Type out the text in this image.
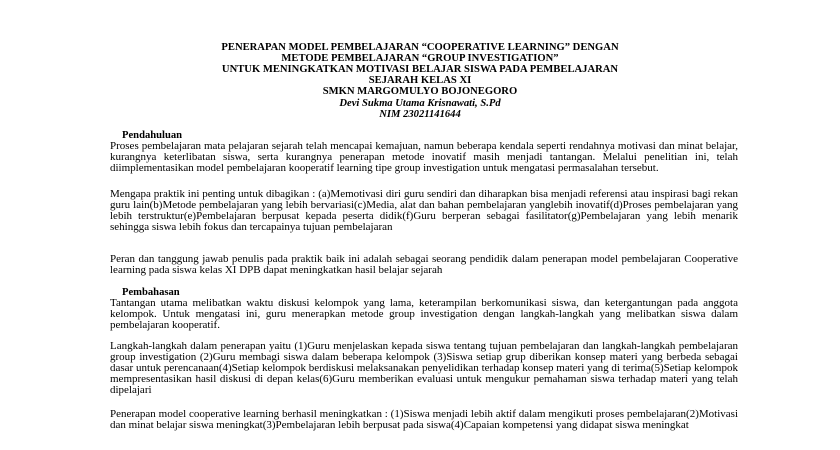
PENERAPAN MODEL PEMBELAJARAN “COOPERATIVE LEARNING” DENGAN
METODE PEMBELAJARAN “GROUP INVESTIGATION”
UNTUK MENINGKATKAN MOTIVASI BELAJAR SISWA PADA PEMBELAJARAN
SEJARAH KELAS XI
SMKN MARGOMULYO BOJONEGORO
Devi Sukma Utama Krisnawati, S.Pd
NIM 23021141644
Pendahuluan
Proses pembelajaran mata pelajaran sejarah telah mencapai kemajuan, namun beberapa kendala seperti rendahnya motivasi dan minat belajar, kurangnya keterlibatan siswa, serta kurangnya penerapan metode inovatif masih menjadi tantangan. Melalui penelitian ini, telah diimplementasikan model pembelajaran kooperatif learning tipe group investigation untuk mengatasi permasalahan tersebut.
Mengapa praktik ini penting untuk dibagikan : (a)Memotivasi diri guru sendiri dan diharapkan bisa menjadi referensi atau inspirasi bagi rekan guru lain(b)Metode pembelajaran yang lebih bervariasi(c)Media, alat dan bahan pembelajaran yanglebih inovatif(d)Proses pembelajaran yang lebih terstruktur(e)Pembelajaran berpusat kepada peserta didik(f)Guru berperan sebagai fasilitator(g)Pembelajaran yang lebih menarik sehingga siswa lebih fokus dan tercapainya tujuan pembelajaran
Peran dan tanggung jawab penulis pada praktik baik ini adalah sebagai seorang pendidik dalam penerapan model pembelajaran Cooperative learning pada siswa kelas XI DPB dapat meningkatkan hasil belajar sejarah
Pembahasan
Tantangan utama melibatkan waktu diskusi kelompok yang lama, keterampilan berkomunikasi siswa, dan ketergantungan pada anggota kelompok. Untuk mengatasi ini, guru menerapkan metode group investigation dengan langkah-langkah yang melibatkan siswa dalam pembelajaran kooperatif.
Langkah-langkah dalam penerapan yaitu (1)Guru menjelaskan kepada siswa tentang tujuan pembelajaran dan langkah-langkah pembelajaran group investigation (2)Guru membagi siswa dalam beberapa kelompok (3)Siswa setiap grup diberikan konsep materi yang berbeda sebagai dasar untuk perencanaan(4)Setiap kelompok berdiskusi melaksanakan penyelidikan terhadap konsep materi yang di terima(5)Setiap kelompok mempresentasikan hasil diskusi di depan kelas(6)Guru memberikan evaluasi untuk mengukur pemahaman siswa terhadap materi yang telah dipelajari
Penerapan model cooperative learning berhasil meningkatkan : (1)Siswa menjadi lebih aktif dalam mengikuti proses pembelajaran(2)Motivasi dan minat belajar siswa meningkat(3)Pembelajaran lebih berpusat pada siswa(4)Capaian kompetensi yang didapat siswa meningkat
